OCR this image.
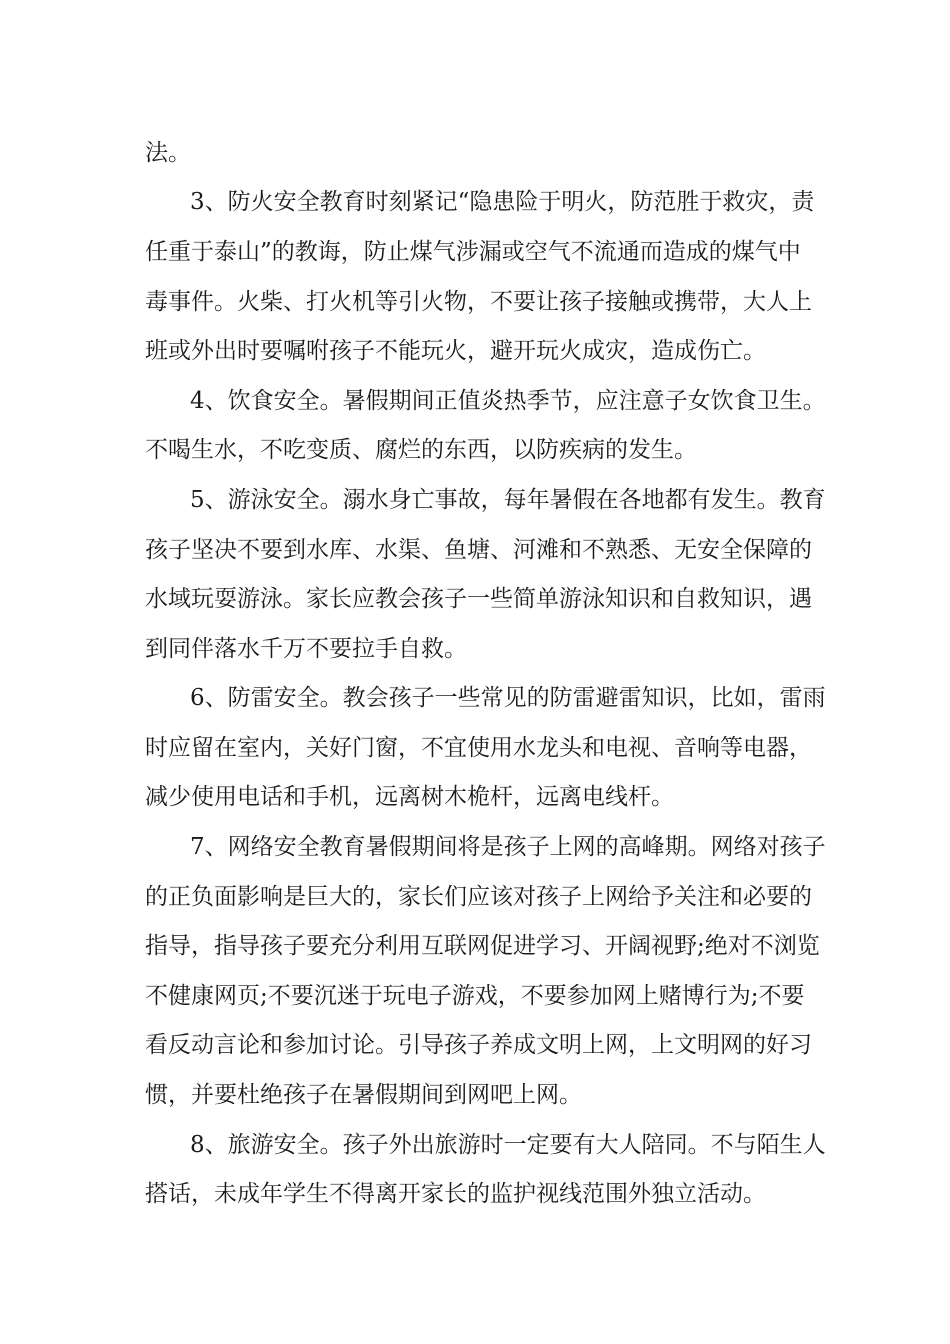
法。
3、防火安全教育时刻紧记“隐患险于明火，防范胜于救灾，责
任重于泰山”的教诲，防止煤气涉漏或空气不流通而造成的煤气中
毒事件。火柴、打火机等引火物，不要让孩子接触或携带，大人上
班或外出时要嘱咐孩子不能玩火，避开玩火成灾，造成伤亡。
4、饮食安全。暑假期间正值炎热季节，应注意子女饮食卫生。
不喝生水，不吃变质、腐烂的东西，以防疾病的发生。
5、游泳安全。溺水身亡事故，每年暑假在各地都有发生。教育
孩子坚决不要到水库、水渠、鱼塘、河滩和不熟悉、无安全保障的
水域玩耍游泳。家长应教会孩子一些简单游泳知识和自救知识，遇
到同伴落水千万不要拉手自救。
6、防雷安全。教会孩子一些常见的防雷避雷知识，比如，雷雨
时应留在室内，关好门窗，不宜使用水龙头和电视、音响等电器，
减少使用电话和手机，远离树木桅杆，远离电线杆。
7、网络安全教育暑假期间将是孩子上网的高峰期。网络对孩子
的正负面影响是巨大的，家长们应该对孩子上网给予关注和必要的
指导，指导孩子要充分利用互联网促进学习、开阔视野;绝对不浏览
不健康网页;不要沉迷于玩电子游戏，不要参加网上赌博行为;不要
看反动言论和参加讨论。引导孩子养成文明上网，上文明网的好习
惯，并要杜绝孩子在暑假期间到网吧上网。
8、旅游安全。孩子外出旅游时一定要有大人陪同。不与陌生人
搭话，未成年学生不得离开家长的监护视线范围外独立活动。
